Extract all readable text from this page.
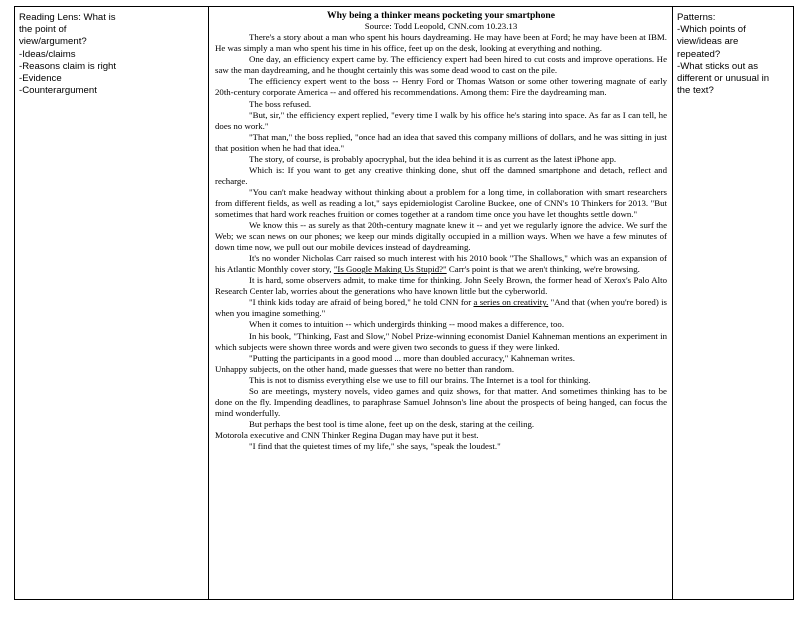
Reading Lens: What is
the point of
view/argument?
-Ideas/claims
-Reasons claim is right
-Evidence
-Counterargument

Why being a thinker means pocketing your smartphone
Source: Todd Leopold, CNN.com 10.23.13

There's a story about a man who spent his hours daydreaming. He may have been at Ford; he may have been at IBM. He was simply a man who spent his time in his office, feet up on the desk, looking at everything and nothing.

One day, an efficiency expert came by. The efficiency expert had been hired to cut costs and improve operations. He saw the man daydreaming, and he thought certainly this was some dead wood to cast on the pile.

The efficiency expert went to the boss -- Henry Ford or Thomas Watson or some other towering magnate of early 20th-century corporate America -- and offered his recommendations. Among them: Fire the daydreaming man.

The boss refused.

"But, sir," the efficiency expert replied, "every time I walk by his office he's staring into space. As far as I can tell, he does no work."

"That man," the boss replied, "once had an idea that saved this company millions of dollars, and he was sitting in just that position when he had that idea."

The story, of course, is probably apocryphal, but the idea behind it is as current as the latest iPhone app.

Which is: If you want to get any creative thinking done, shut off the damned smartphone and detach, reflect and recharge.

"You can't make headway without thinking about a problem for a long time, in collaboration with smart researchers from different fields, as well as reading a lot," says epidemiologist Caroline Buckee, one of CNN's 10 Thinkers for 2013. "But sometimes that hard work reaches fruition or comes together at a random time once you have let thoughts settle down."

We know this -- as surely as that 20th-century magnate knew it -- and yet we regularly ignore the advice. We surf the Web; we scan news on our phones; we keep our minds digitally occupied in a million ways. When we have a few minutes of down time now, we pull out our mobile devices instead of daydreaming.

It's no wonder Nicholas Carr raised so much interest with his 2010 book "The Shallows," which was an expansion of his Atlantic Monthly cover story, "Is Google Making Us Stupid?" Carr's point is that we aren't thinking, we're browsing.

It is hard, some observers admit, to make time for thinking. John Seely Brown, the former head of Xerox's Palo Alto Research Center lab, worries about the generations who have known little but the cyberworld.

"I think kids today are afraid of being bored," he told CNN for a series on creativity. "And that (when you're bored) is when you imagine something."

When it comes to intuition -- which undergirds thinking -- mood makes a difference, too.

In his book, "Thinking, Fast and Slow," Nobel Prize-winning economist Daniel Kahneman mentions an experiment in which subjects were shown three words and were given two seconds to guess if they were linked.

"Putting the participants in a good mood ... more than doubled accuracy," Kahneman writes.

Unhappy subjects, on the other hand, made guesses that were no better than random.

This is not to dismiss everything else we use to fill our brains. The Internet is a tool for thinking.

So are meetings, mystery novels, video games and quiz shows, for that matter. And sometimes thinking has to be done on the fly. Impending deadlines, to paraphrase Samuel Johnson's line about the prospects of being hanged, can focus the mind wonderfully.

But perhaps the best tool is time alone, feet up on the desk, staring at the ceiling.

Motorola executive and CNN Thinker Regina Dugan may have put it best.

"I find that the quietest times of my life," she says, "speak the loudest."

Patterns:
-Which points of
view/ideas are
repeated?
-What sticks out as
different or unusual in
the text?
